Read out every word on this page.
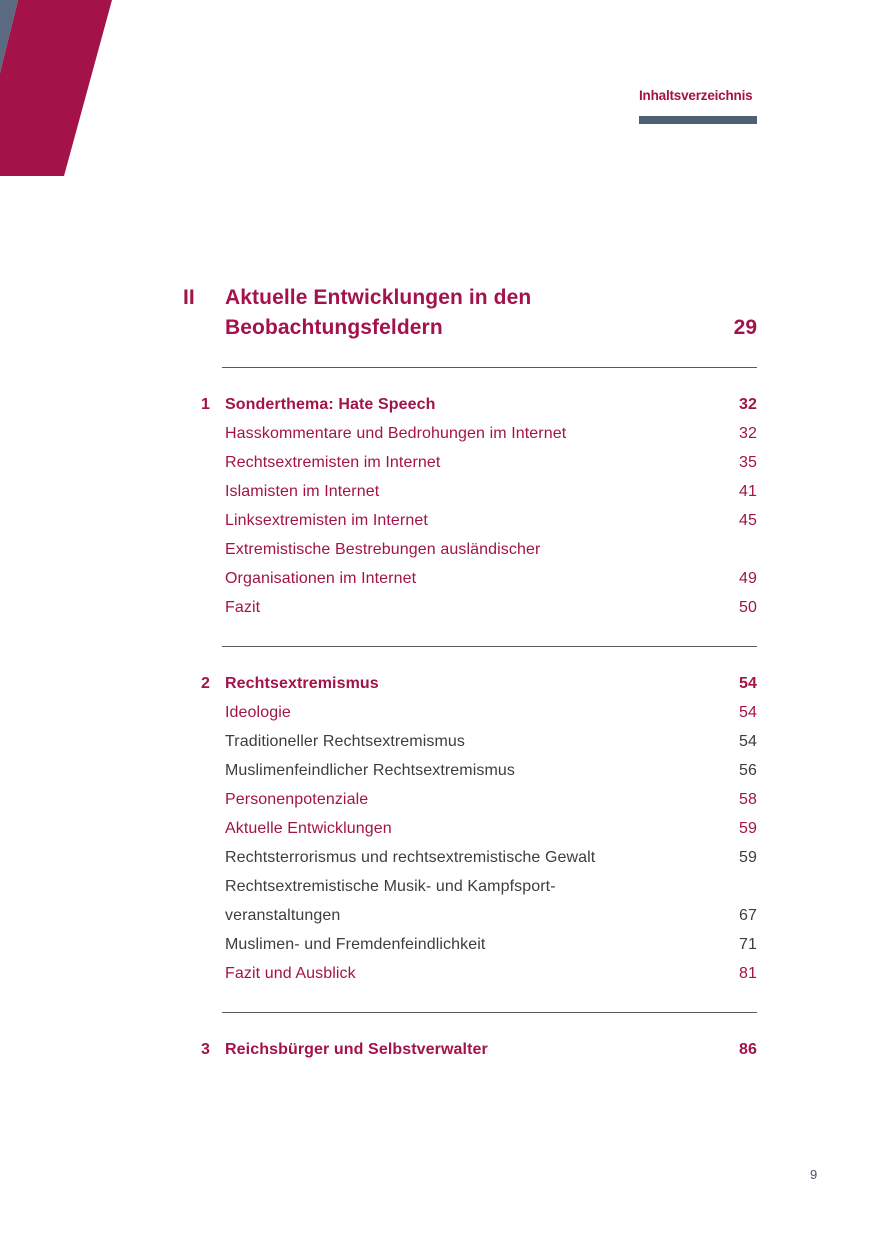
Inhaltsverzeichnis
II	Aktuelle Entwicklungen in den
Beobachtungsfeldern	29
1 Sonderthema: Hate Speech	32
Hasskommentare und Bedrohungen im Internet	32
Rechtsextremisten im Internet	35
Islamisten im Internet	41
Linksextremisten im Internet	45
Extremistische Bestrebungen ausländischer
Organisationen im Internet	49
Fazit	50
2 Rechtsextremismus	54
Ideologie	54
Traditioneller Rechtsextremismus	54
Muslimenfeindlicher Rechtsextremismus	56
Personenpotenziale	58
Aktuelle Entwicklungen	59
Rechtsterrorismus und rechtsextremistische Gewalt	59
Rechtsextremistische Musik- und Kampfsport-
veranstaltungen	67
Muslimen- und Fremdenfeindlichkeit	71
Fazit und Ausblick	81
3 Reichsbürger und Selbstverwalter	86
9
